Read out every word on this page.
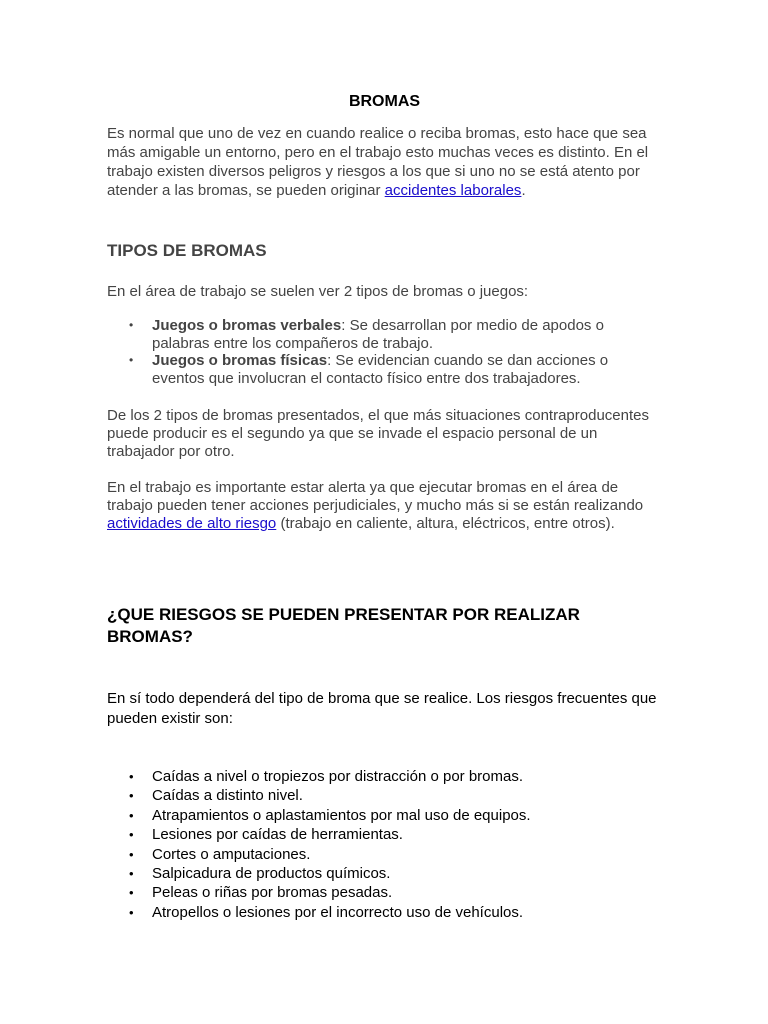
BROMAS

Es normal que uno de vez en cuando realice o reciba bromas, esto hace que sea más amigable un entorno, pero en el trabajo esto muchas veces es distinto. En el trabajo existen diversos peligros y riesgos a los que si uno no se está atento por atender a las bromas, se pueden originar accidentes laborales.

TIPOS DE BROMAS

En el área de trabajo se suelen ver 2 tipos de bromas o juegos:

• Juegos o bromas verbales: Se desarrollan por medio de apodos o palabras entre los compañeros de trabajo.
• Juegos o bromas físicas: Se evidencian cuando se dan acciones o eventos que involucran el contacto físico entre dos trabajadores.

De los 2 tipos de bromas presentados, el que más situaciones contraproducentes puede producir es el segundo ya que se invade el espacio personal de un trabajador por otro.

En el trabajo es importante estar alerta ya que ejecutar bromas en el área de trabajo pueden tener acciones perjudiciales, y mucho más si se están realizando actividades de alto riesgo (trabajo en caliente, altura, eléctricos, entre otros).

¿QUE RIESGOS SE PUEDEN PRESENTAR POR REALIZAR BROMAS?

En sí todo dependerá del tipo de broma que se realice. Los riesgos frecuentes que pueden existir son:

• Caídas a nivel o tropiezos por distracción o por bromas.
• Caídas a distinto nivel.
• Atrapamientos o aplastamientos por mal uso de equipos.
• Lesiones por caídas de herramientas.
• Cortes o amputaciones.
• Salpicadura de productos químicos.
• Peleas o riñas por bromas pesadas.
• Atropellos o lesiones por el incorrecto uso de vehículos.
